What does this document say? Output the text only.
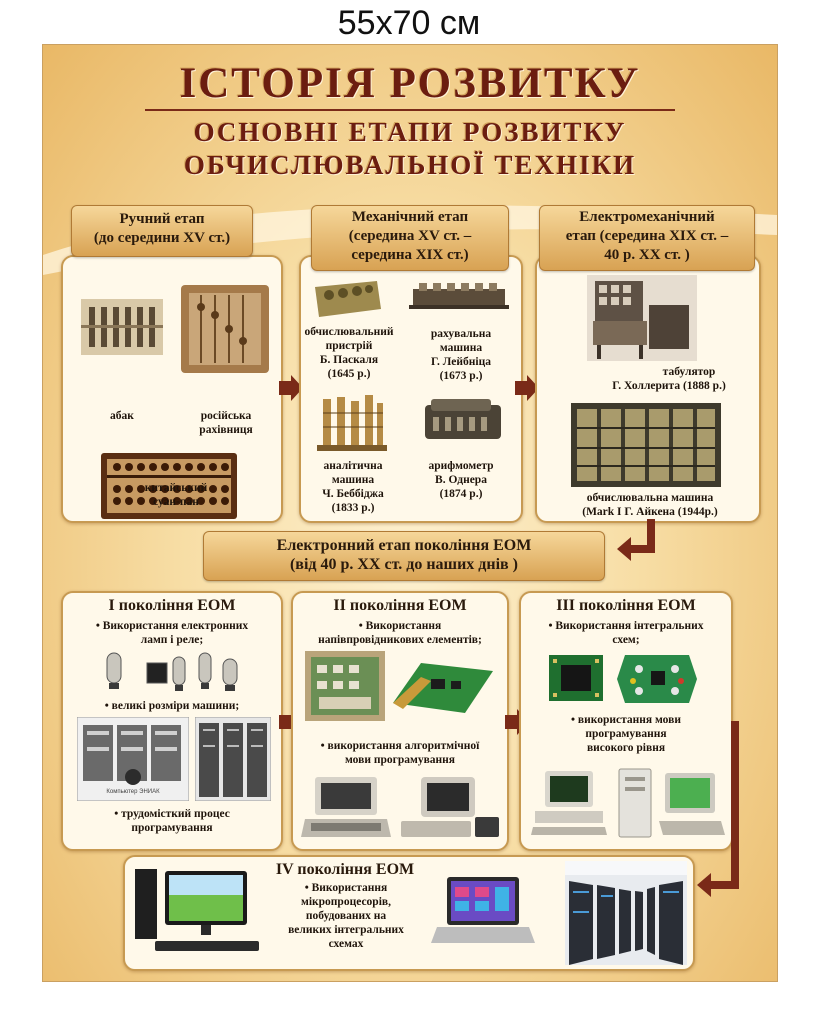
55x70 см
ІСТОРІЯ РОЗВИТКУ
ОСНОВНІ ЕТАПИ РОЗВИТКУ
ОБЧИСЛЮВАЛЬНОЇ ТЕХНІКИ
абак	російська
рахівниця
китайський
суан-пан
Ручний етап
(до середини XV ст.)
Механічний етап
(середина XV ст. –
середина XIX ст.)
обчислювальний
пристрій
Б. Паскаля
(1645 р.)
рахувальна
машина
Г. Лейбніца
(1673 р.)
аналітична
машина
Ч. Беббіджа
(1833 р.)
арифмометр
В. Однера
(1874 р.)
Електромеханічний
етап (середина XIX ст. –
40 р. XX ст. )
табулятор
Г. Холлерита (1888 р.)
обчислювальна машина
(Mark I Г. Айкена (1944р.)
Електронний етап покоління ЕОМ
(від 40 р. XX ст. до наших днів )
I покоління ЕОМ
• Використання електронних
ламп і реле;
• великі розміри машини;
Компьютер ЭНИАК
• трудомісткий процес
програмування
II покоління ЕОМ
• Використання
напівпровідникових елементів;
• використання алгоритмічної
мови програмування
III покоління ЕОМ
• Використання інтегральних
схем;
• використання мови
програмування
високого рівня
IV покоління ЕОМ
• Використання
мікропроцесорів,
побудованих на
великих інтегральних
схемах
